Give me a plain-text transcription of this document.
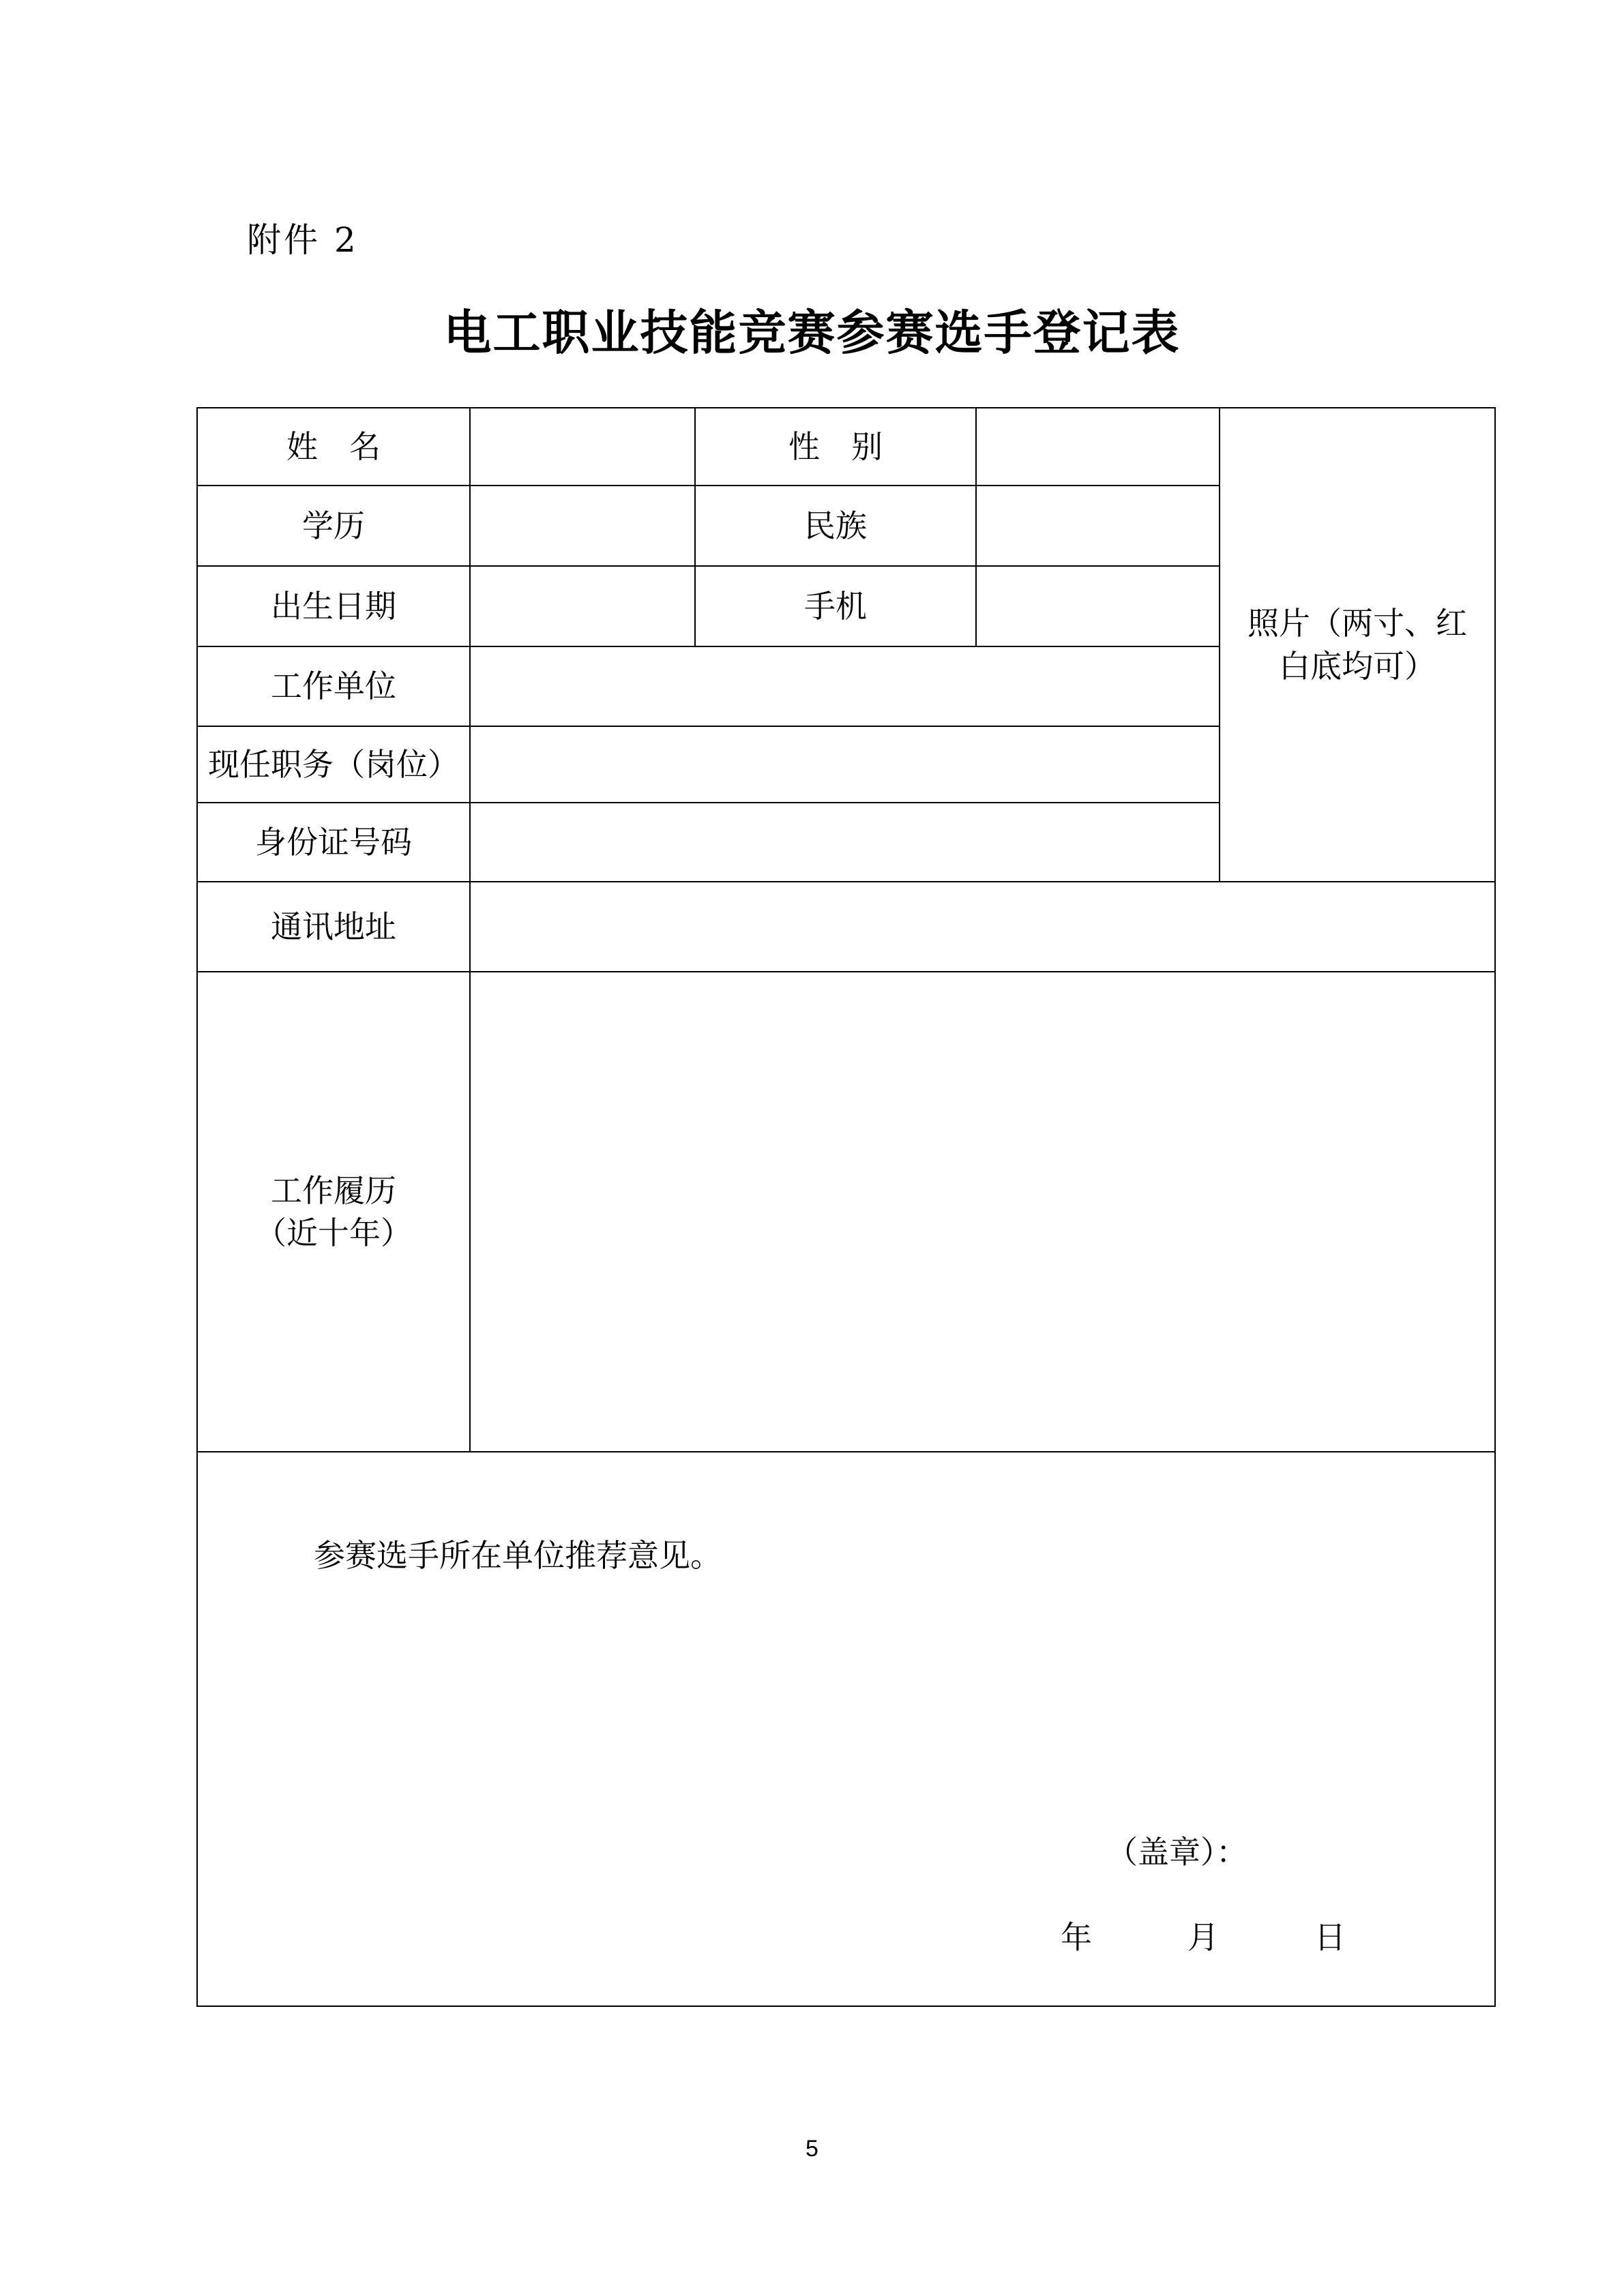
附件 2
电工职业技能竞赛参赛选手登记表
姓　名		性　别		照片（两寸、红白底均可）
学历		民族		
出生日期		手机		
工作单位				
现任职务（岗位）				
身份证号码				
通讯地址				

工作履历
（近十年）				

参赛选手所在单位推荐意见。
（盖章）：
年 月 日				
5
